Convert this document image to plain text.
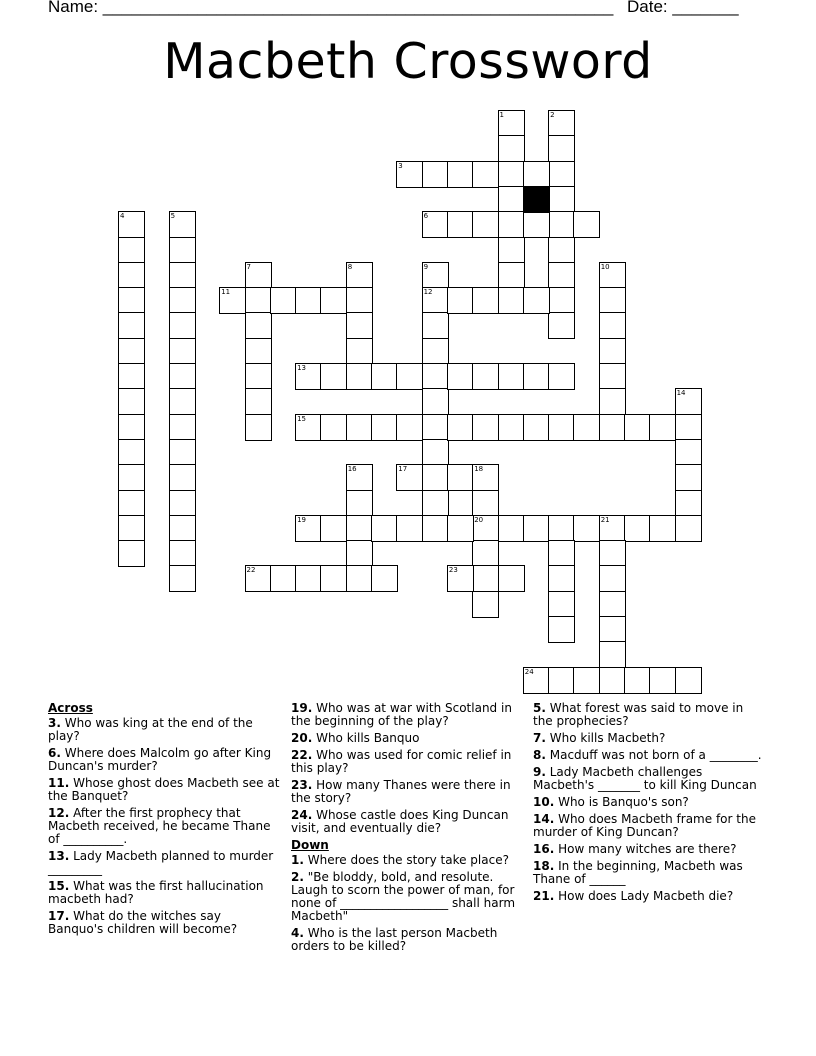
Name: ______________________________________________________ Date: _______
Macbeth Crossword
1	2
3
4	5	6
7	8	9
12
10
11
13
14
15
16	17	18
20
19	21
22	23
24
Across
3. Who was king at the end of the play?
6. Where does Malcolm go after King Duncan's murder?
11. Whose ghost does Macbeth see at the Banquet?
12. After the first prophecy that Macbeth received, he became Thane of __________.
13. Lady Macbeth planned to murder _________
15. What was the first hallucination macbeth had?
17. What do the witches say Banquo's children will become?
19. Who was at war with Scotland in the beginning of the play?
20. Who kills Banquo
22. Who was used for comic relief in this play?
23. How many Thanes were there in the story?
24. Whose castle does King Duncan visit, and eventually die?
Down
1. Where does the story take place?
2. "Be bloddy, bold, and resolute. Laugh to scorn the power of man, for none of __________________ shall harm Macbeth"
4. Who is the last person Macbeth orders to be killed?
5. What forest was said to move in the prophecies?
7. Who kills Macbeth?
8. Macduff was not born of a ________.
9. Lady Macbeth challenges Macbeth's _______ to kill King Duncan
10. Who is Banquo's son?
14. Who does Macbeth frame for the murder of King Duncan?
16. How many witches are there?
18. In the beginning, Macbeth was Thane of ______
21. How does Lady Macbeth die?
